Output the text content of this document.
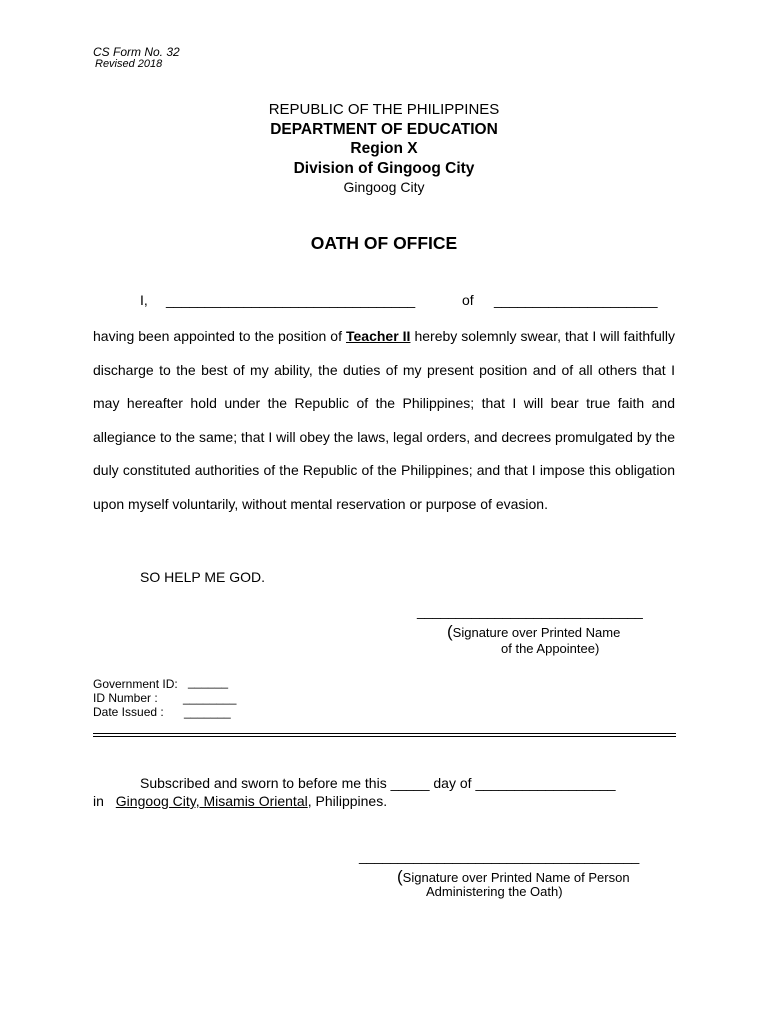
CS Form No. 32
Revised 2018
REPUBLIC OF THE PHILIPPINES
DEPARTMENT OF EDUCATION
Region X
Division of Gingoog City
Gingoog City
OATH OF OFFICE
I, ________________________________	of _____________________
having been appointed to the position of Teacher II hereby solemnly swear, that I will faithfully discharge to the best of my ability, the duties of my present position and of all others that I may hereafter hold under the Republic of the Philippines; that I will bear true faith and allegiance to the same; that I will obey the laws, legal orders, and decrees promulgated by the duly constituted authorities of the Republic of the Philippines; and that I impose this obligation upon myself voluntarily, without mental reservation or purpose of evasion.
SO HELP ME GOD.
_____________________________
(Signature over Printed Name
of the Appointee)
Government ID: ______
ID Number : ________
Date Issued : _______
Subscribed and sworn to before me this _____ day of __________________
in Gingoog City, Misamis Oriental, Philippines.
____________________________________
(Signature over Printed Name of Person
Administering the Oath)
